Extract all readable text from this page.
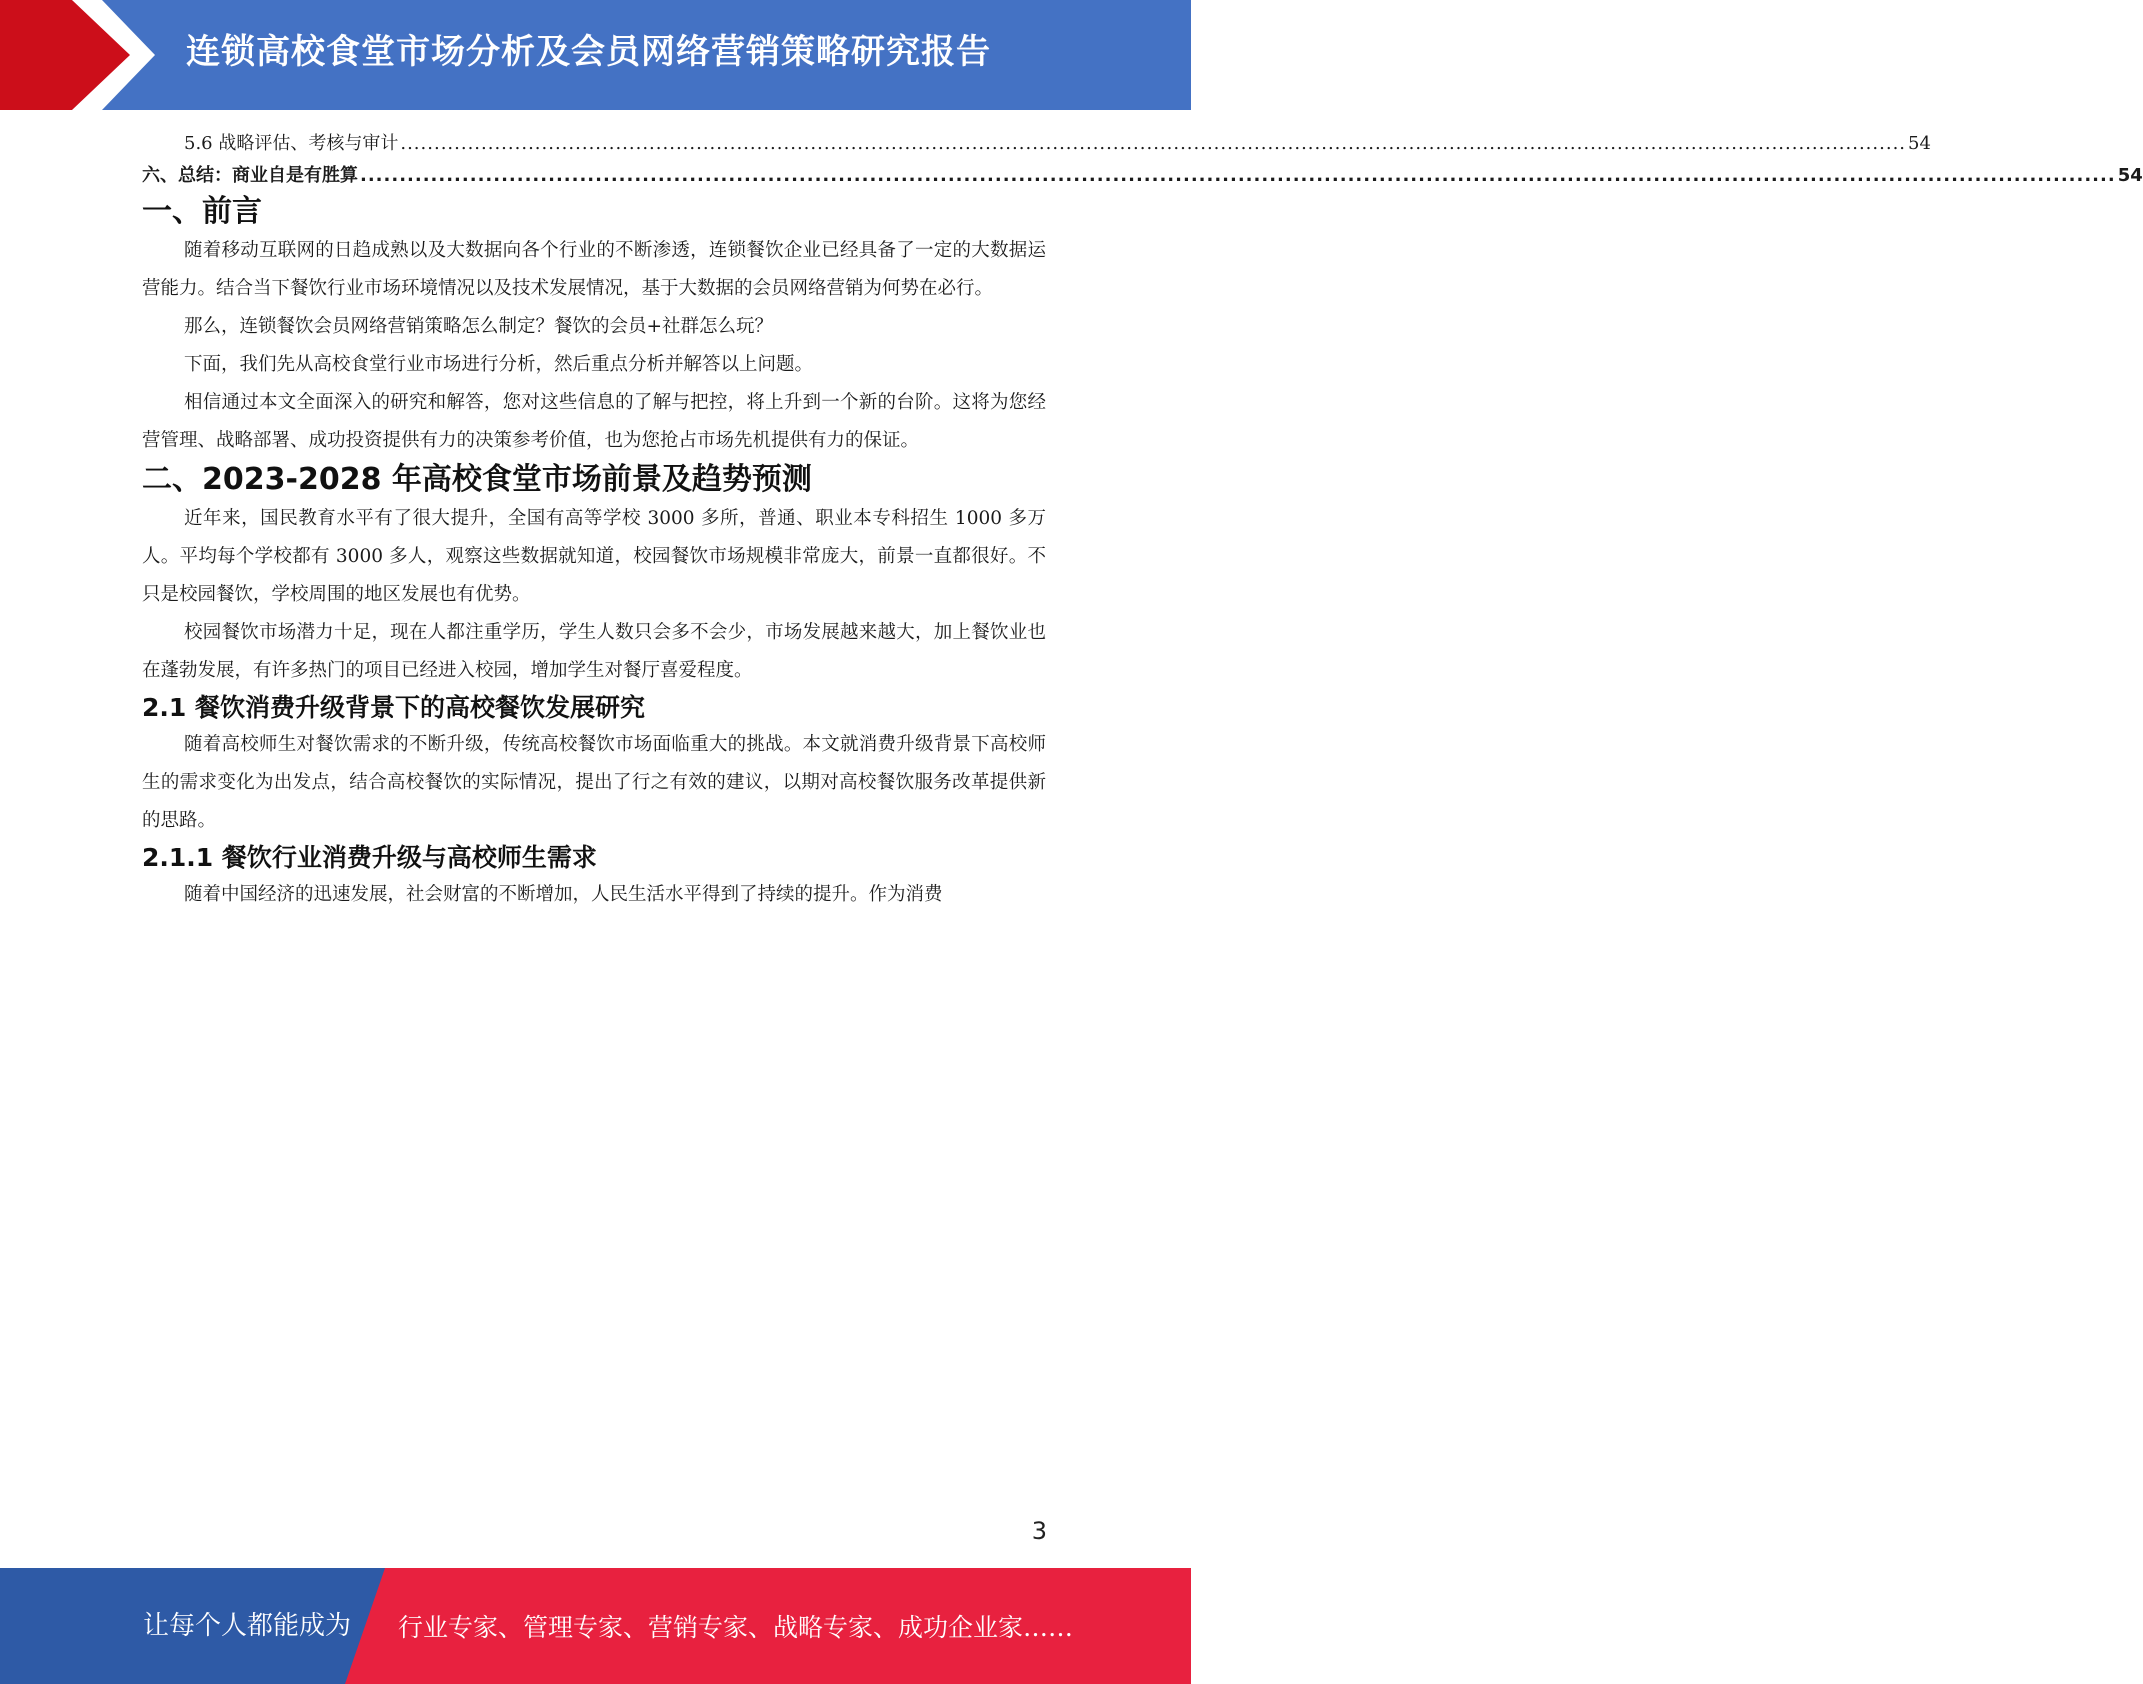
连锁高校食堂市场分析及会员网络营销策略研究报告
5.6 战略评估、考核与审计 ................................................................................................................................................................................................................................ 54
六、总结：商业自是有胜算 ................................................................................................................................................................................................................................ 54
一、前言

随着移动互联网的日趋成熟以及大数据向各个行业的不断渗透，连锁餐饮企业已经具备了一定的大数据运营能力。结合当下餐饮行业市场环境情况以及技术发展情况，基于大数据的会员网络营销为何势在必行。

那么，连锁餐饮会员网络营销策略怎么制定？餐饮的会员+社群怎么玩？

下面，我们先从高校食堂行业市场进行分析，然后重点分析并解答以上问题。

相信通过本文全面深入的研究和解答，您对这些信息的了解与把控，将上升到一个新的台阶。这将为您经营管理、战略部署、成功投资提供有力的决策参考价值，也为您抢占市场先机提供有力的保证。

二、2023-2028 年高校食堂市场前景及趋势预测

近年来，国民教育水平有了很大提升，全国有高等学校 3000 多所，普通、职业本专科招生 1000 多万人。平均每个学校都有 3000 多人，观察这些数据就知道，校园餐饮市场规模非常庞大，前景一直都很好。不只是校园餐饮，学校周围的地区发展也有优势。

校园餐饮市场潜力十足，现在人都注重学历，学生人数只会多不会少，市场发展越来越大，加上餐饮业也在蓬勃发展，有许多热门的项目已经进入校园，增加学生对餐厅喜爱程度。

2.1 餐饮消费升级背景下的高校餐饮发展研究

随着高校师生对餐饮需求的不断升级，传统高校餐饮市场面临重大的挑战。本文就消费升级背景下高校师生的需求变化为出发点，结合高校餐饮的实际情况，提出了行之有效的建议，以期对高校餐饮服务改革提供新的思路。

2.1.1 餐饮行业消费升级与高校师生需求

随着中国经济的迅速发展，社会财富的不断增加，人民生活水平得到了持续的提升。作为消费

3
让每个人都能成为 行业专家、管理专家、营销专家、战略专家、成功企业家……
